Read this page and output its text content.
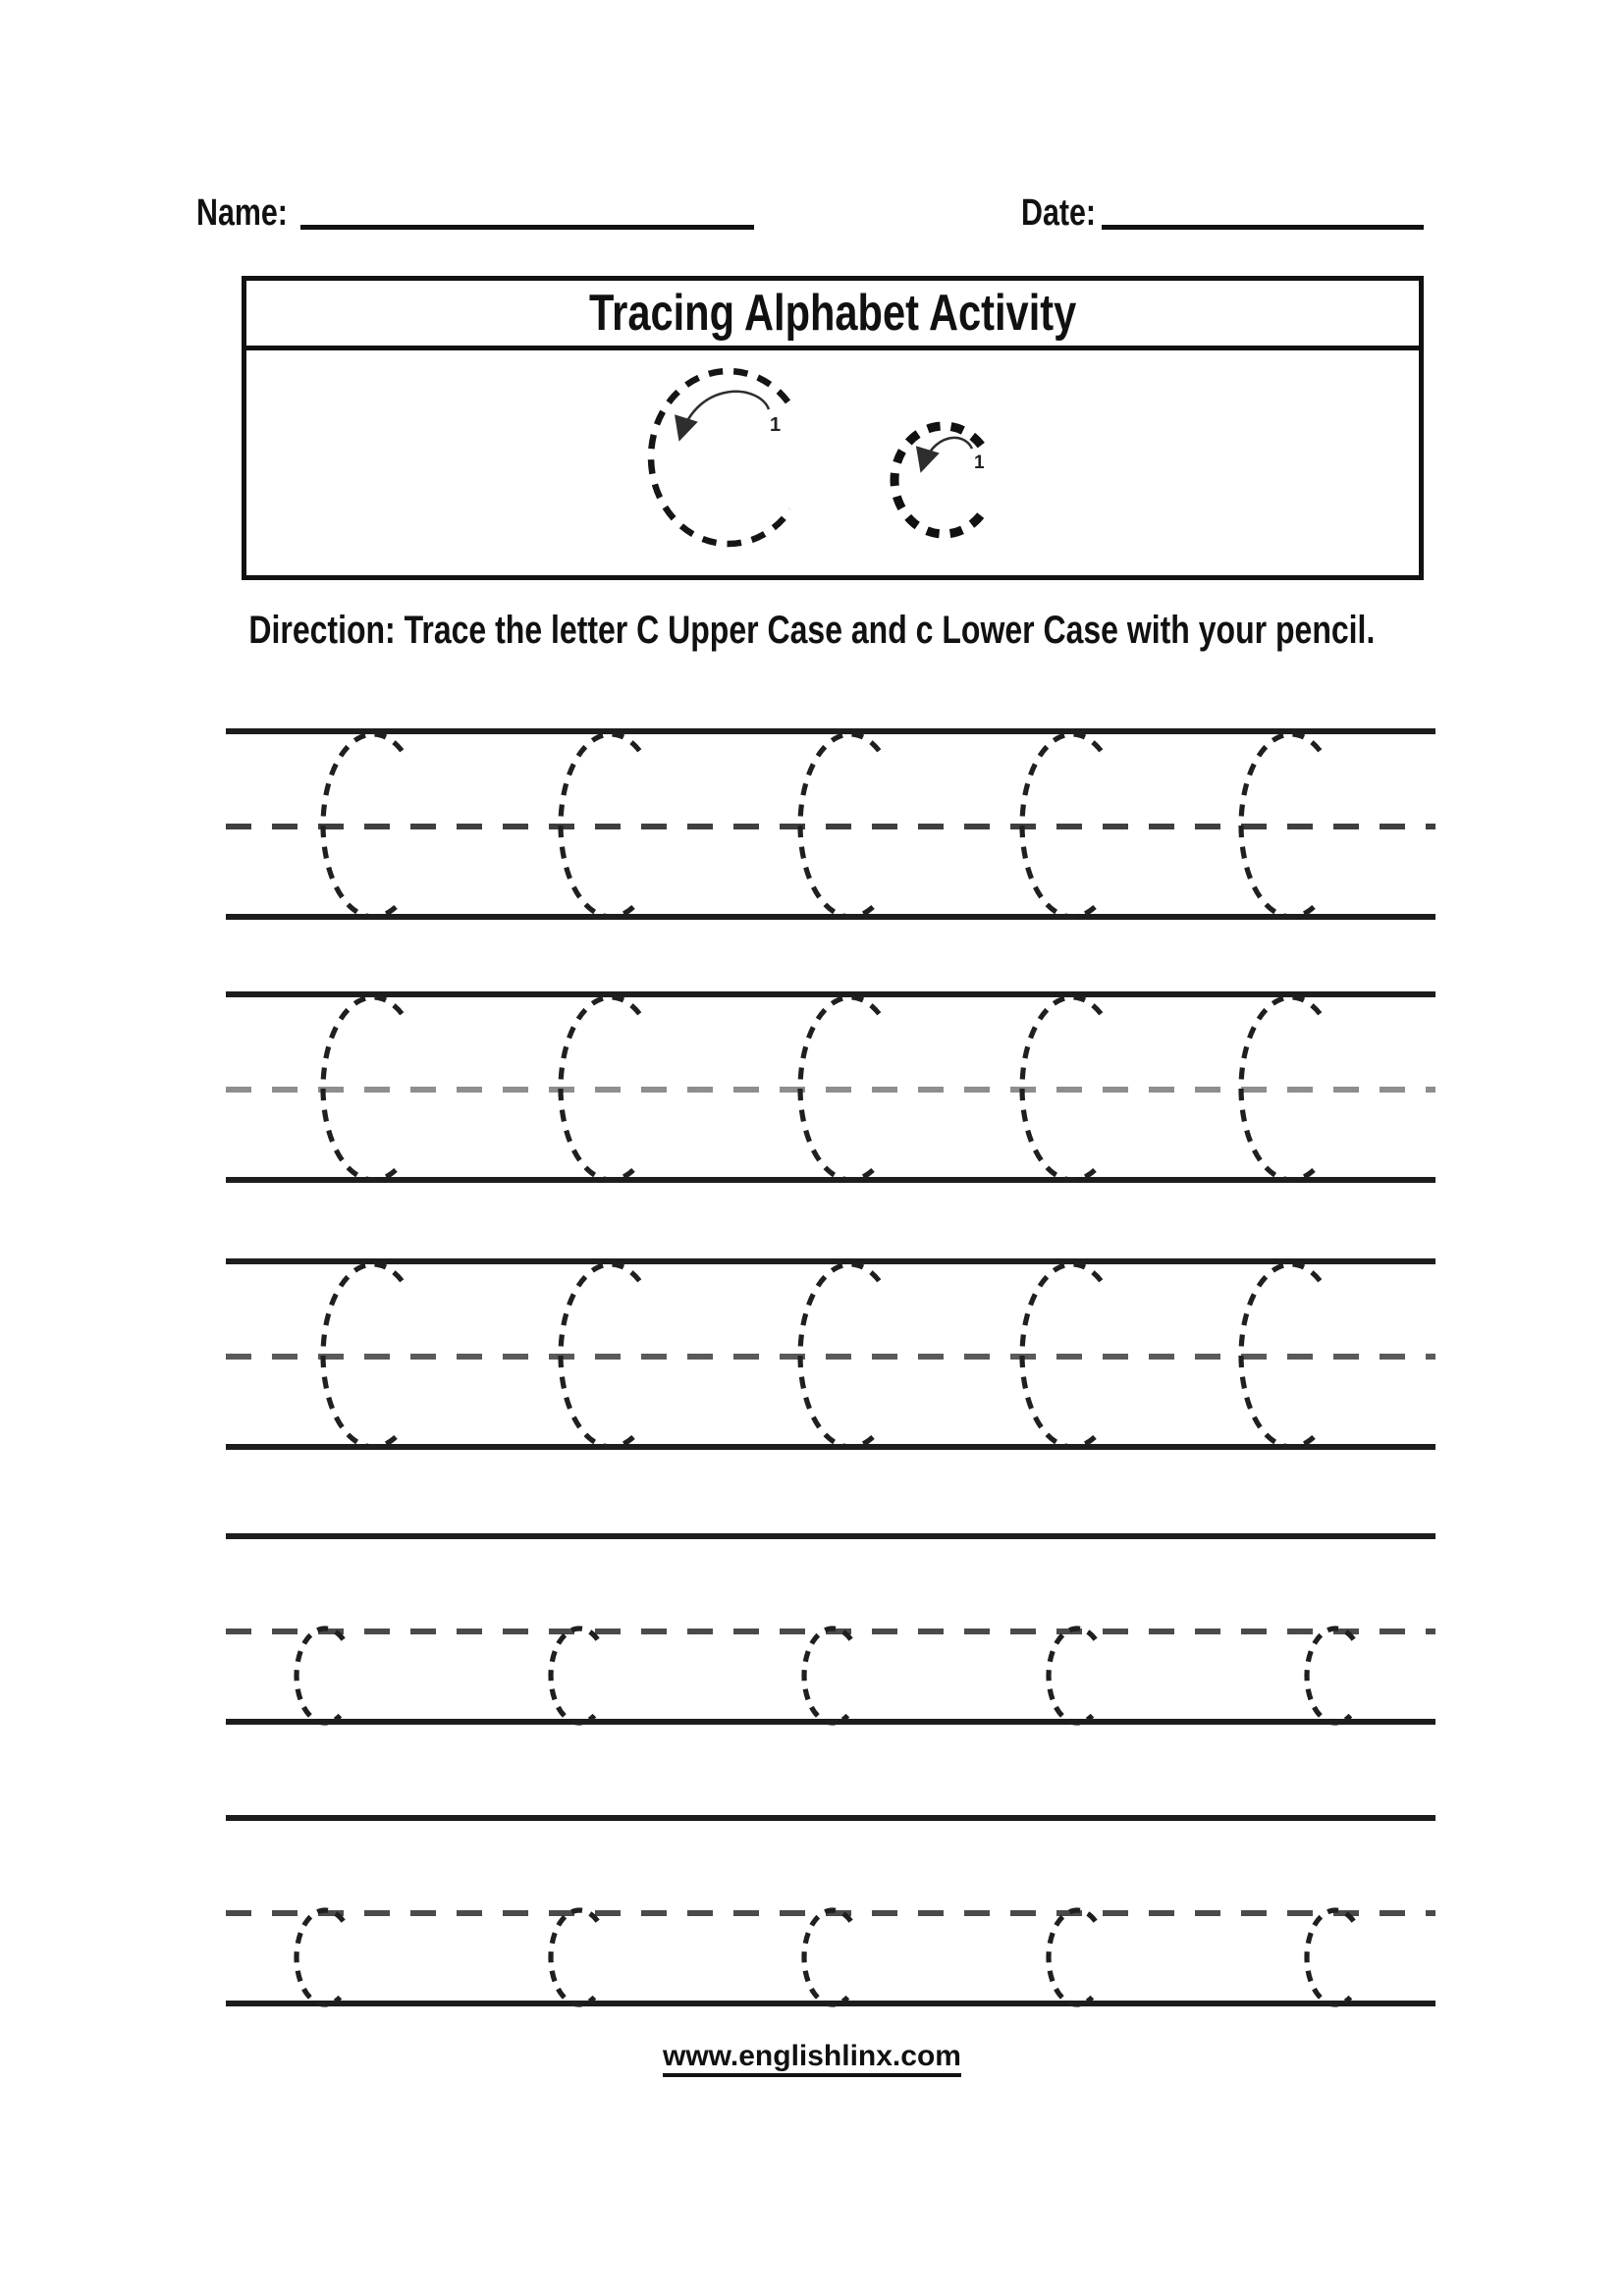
Name:	Date:
Tracing Alphabet Activity
1
1
Direction: Trace the letter C Upper Case and c Lower Case with your pencil.
www.englishlinx.com
